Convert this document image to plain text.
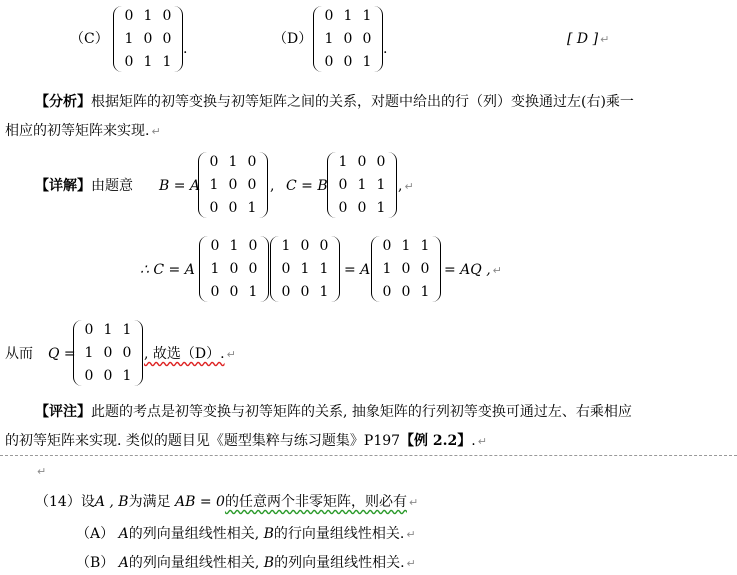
（C）
0 1 0
1 0 0
0 1 1
.
（D）
0 1 1
1 0 0
0 0 1
.
[ D ] ↵
【分析】根据矩阵的初等变换与初等矩阵之间的关系，对题中给出的行（列）变换通过左(右)乘一
相应的初等矩阵来实现. ↵
【详解】由题意 B = A
0 1 0
1 0 0
0 0 1
, C = B
1 0 0
0 1 1
0 0 1
, ↵
∴ C = A
0 1 0
1 0 0
0 0 1
1 0 0
0 1 1
0 0 1
= A
0 1 1
1 0 0
0 0 1
= AQ , ↵
从而 Q =
0 1 1
1 0 0
0 0 1
, 故选（D）. ↵
【评注】此题的考点是初等变换与初等矩阵的关系, 抽象矩阵的行列初等变换可通过左、右乘相应
的初等矩阵来实现. 类似的题目见《题型集粹与练习题集》P197【例 2.2】. ↵
↵
（14）设A , B为满足 AB = 0的任意两个非零矩阵，则必有 ↵
（A） A的列向量组线性相关, B的行向量组线性相关. ↵
（B） A的列向量组线性相关, B的列向量组线性相关. ↵
